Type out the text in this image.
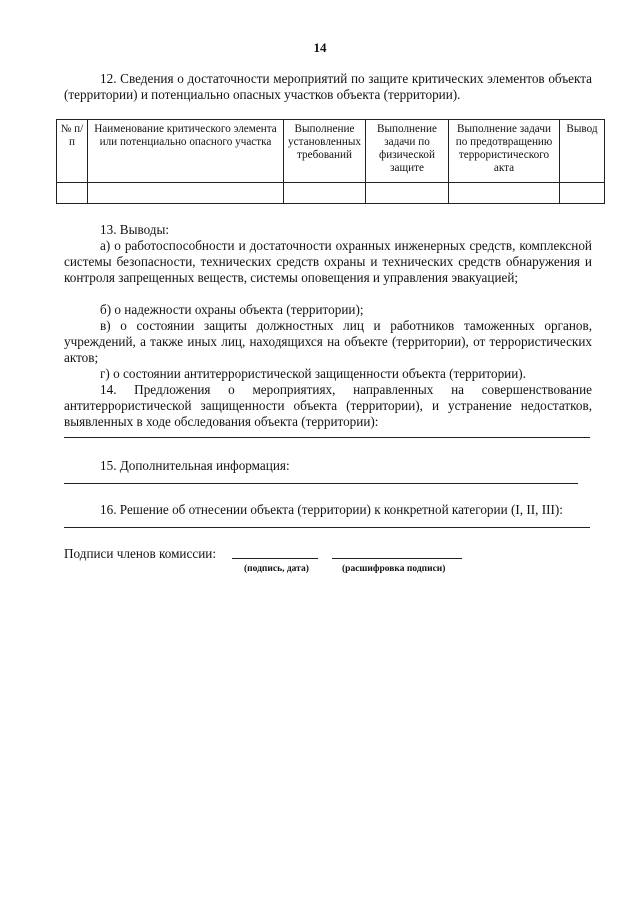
14
12. Сведения о достаточности мероприятий по защите критических элементов объекта (территории) и потенциально опасных участков объекта (территории).
№ п/п	Наименование критического элемента или потенциально опасного участка	Выполнение установленных требований	Выполнение задачи по физической защите	Выполнение задачи по предотвращению террористического акта	Вывод

13. Выводы:
а) о работоспособности и достаточности охранных инженерных средств, комплексной системы безопасности, технических средств охраны и технических средств обнаружения и контроля запрещенных веществ, системы оповещения и управления эвакуацией;
б) о надежности охраны объекта (территории);
в) о состоянии защиты должностных лиц и работников таможенных органов, учреждений, а также иных лиц, находящихся на объекте (территории), от террористических актов;
г) о состоянии антитеррористической защищенности объекта (территории).
14. Предложения о мероприятиях, направленных на совершенствование антитеррористической защищенности объекта (территории), и устранение недостатков, выявленных в ходе обследования объекта (территории):
15. Дополнительная информация:
16. Решение об отнесении объекта (территории) к конкретной категории (I, II, III):
Подписи членов комиссии:
(подпись, дата)	(расшифровка подписи)
